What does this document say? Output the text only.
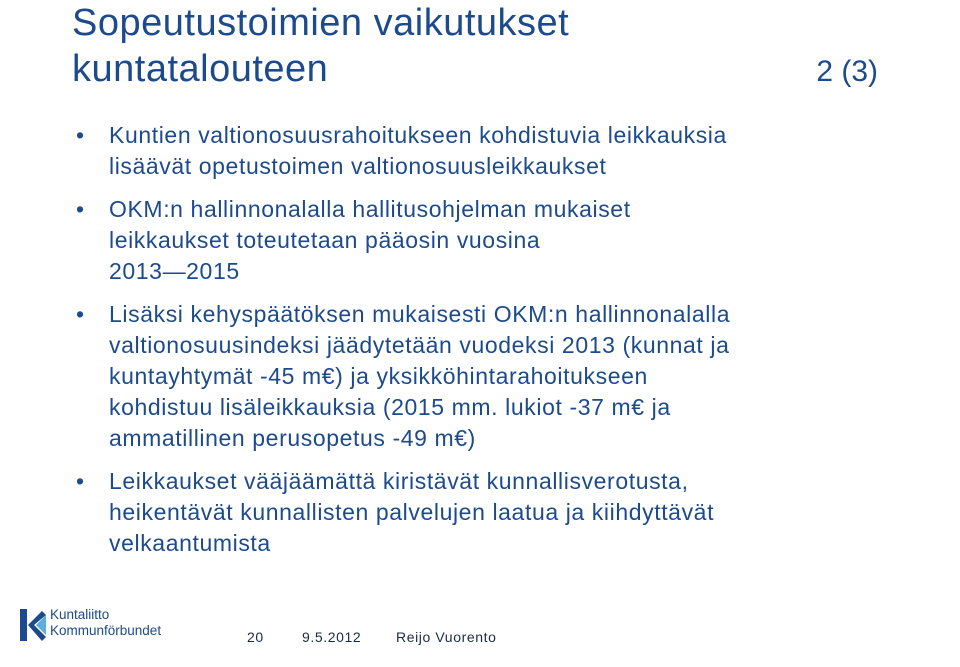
Sopeutustoimien vaikutukset
kuntatalouteen	2 (3)
• Kuntien valtionosuusrahoitukseen kohdistuvia leikkauksia
lisäävät opetustoimen valtionosuusleikkaukset
• OKM:n hallinnonalalla hallitusohjelman mukaiset
leikkaukset toteutetaan pääosin vuosina
2013—2015
• Lisäksi kehyspäätöksen mukaisesti OKM:n hallinnonalalla
valtionosuusindeksi jäädytetään vuodeksi 2013 (kunnat ja
kuntayhtymät -45 m€) ja yksikköhintarahoitukseen
kohdistuu lisäleikkauksia (2015 mm. lukiot -37 m€ ja
ammatillinen perusopetus -49 m€)
• Leikkaukset vääjäämättä kiristävät kunnallisverotusta,
heikentävät kunnallisten palvelujen laatua ja kiihdyttävät
velkaantumista
Kuntaliitto
Kommunförbundet	20	9.5.2012 Reijo Vuorento
